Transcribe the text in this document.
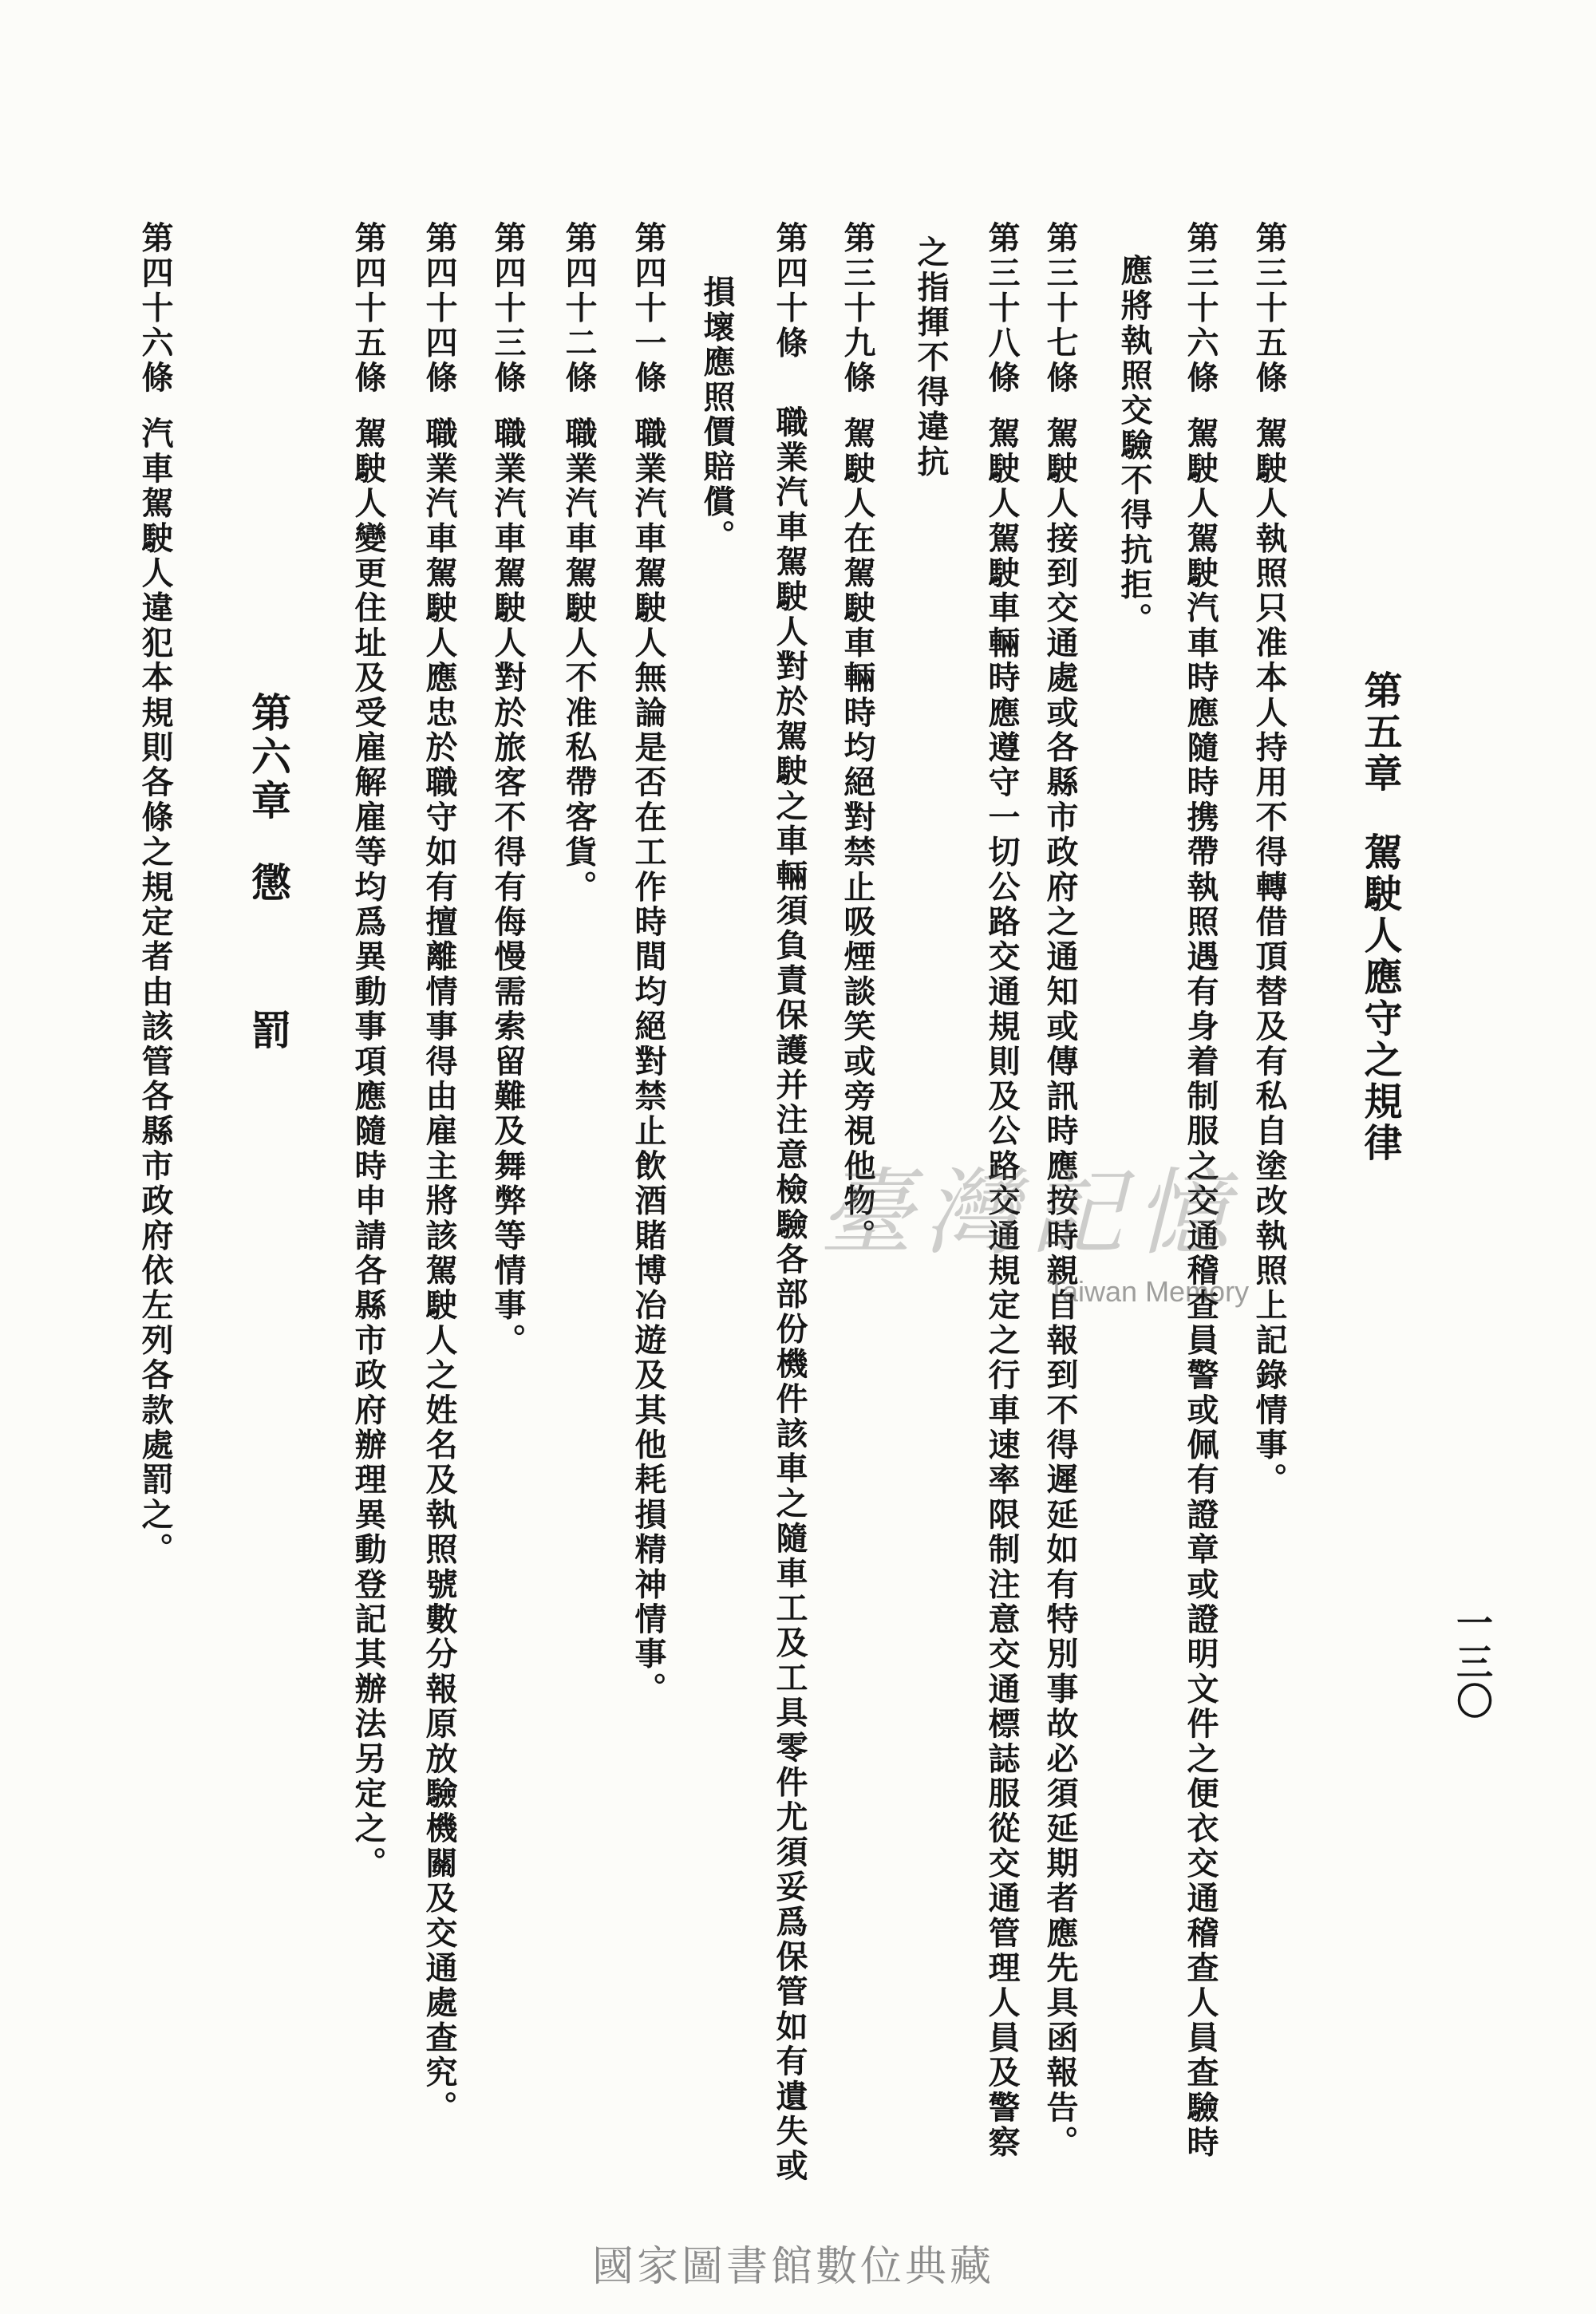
一三〇
第五章
駕駛人應守之規律
第三十五條
駕駛人執照只准本人持用不得轉借頂替及有私自塗改執照上記錄情事。
第三十六條
駕駛人駕駛汽車時應隨時携帶執照遇有身着制服之交通稽查員警或佩有證章或證明文件之便衣交通稽查人員查驗時
應將執照交驗不得抗拒。
第三十七條
駕駛人接到交通處或各縣市政府之通知或傳訊時應按時親自報到不得遲延如有特別事故必須延期者應先具函報告。
第三十八條
駕駛人駕駛車輛時應遵守一切公路交通規則及公路交通規定之行車速率限制注意交通標誌服從交通管理人員及警察
之指揮不得違抗
第三十九條
駕駛人在駕駛車輛時均絕對禁止吸煙談笑或旁視他物。
第四十條
職業汽車駕駛人對於駕駛之車輛須負責保護并注意檢驗各部份機件該車之隨車工及工具零件尤須妥爲保管如有遺失或
損壞應照價賠償。
第四十一條
職業汽車駕駛人無論是否在工作時間均絕對禁止飲酒賭博冶遊及其他耗損精神情事。
第四十二條
職業汽車駕駛人不准私帶客貨。
第四十三條
職業汽車駕駛人對於旅客不得有侮慢需索留難及舞弊等情事。
第四十四條
職業汽車駕駛人應忠於職守如有擅離情事得由雇主將該駕駛人之姓名及執照號數分報原放驗機關及交通處查究。
第四十五條
駕駛人變更住址及受雇解雇等均爲異動事項應隨時申請各縣市政府辦理異動登記其辦法另定之。
第六章
懲罰
第四十六條
汽車駕駛人違犯本規則各條之規定者由該管各縣市政府依左列各款處罰之。	臺灣記憶
Taiwan Memory
國家圖書館數位典藏
